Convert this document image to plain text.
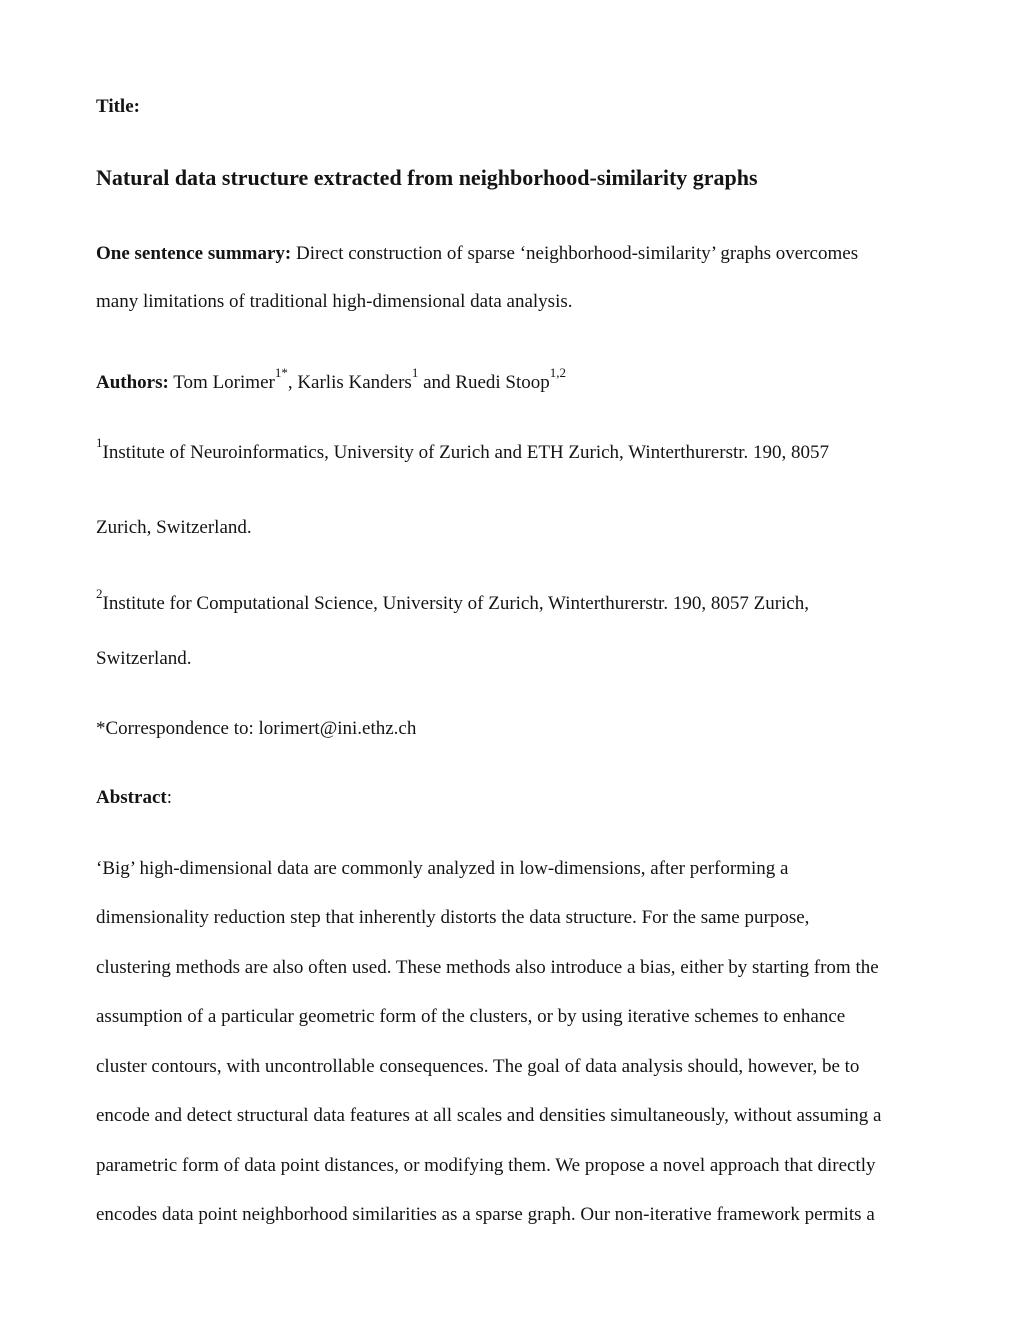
Title:
Natural data structure extracted from neighborhood-similarity graphs
One sentence summary: Direct construction of sparse ‘neighborhood-similarity’ graphs overcomes
many limitations of traditional high-dimensional data analysis.
Authors: Tom Lorimer$^{1*}$, Karlis Kanders$^1$ and Ruedi Stoop$^{1,2}$
$^1$Institute of Neuroinformatics, University of Zurich and ETH Zurich, Winterthurerstr. 190, 8057
Zurich, Switzerland.
$^2$Institute for Computational Science, University of Zurich, Winterthurerstr. 190, 8057 Zurich,
Switzerland.
*Correspondence to: lorimert@ini.ethz.ch
Abstract:
‘Big’ high-dimensional data are commonly analyzed in low-dimensions, after performing a
dimensionality reduction step that inherently distorts the data structure. For the same purpose,
clustering methods are also often used. These methods also introduce a bias, either by starting from the
assumption of a particular geometric form of the clusters, or by using iterative schemes to enhance
cluster contours, with uncontrollable consequences. The goal of data analysis should, however, be to
encode and detect structural data features at all scales and densities simultaneously, without assuming a
parametric form of data point distances, or modifying them. We propose a novel approach that directly
encodes data point neighborhood similarities as a sparse graph. Our non-iterative framework permits a
